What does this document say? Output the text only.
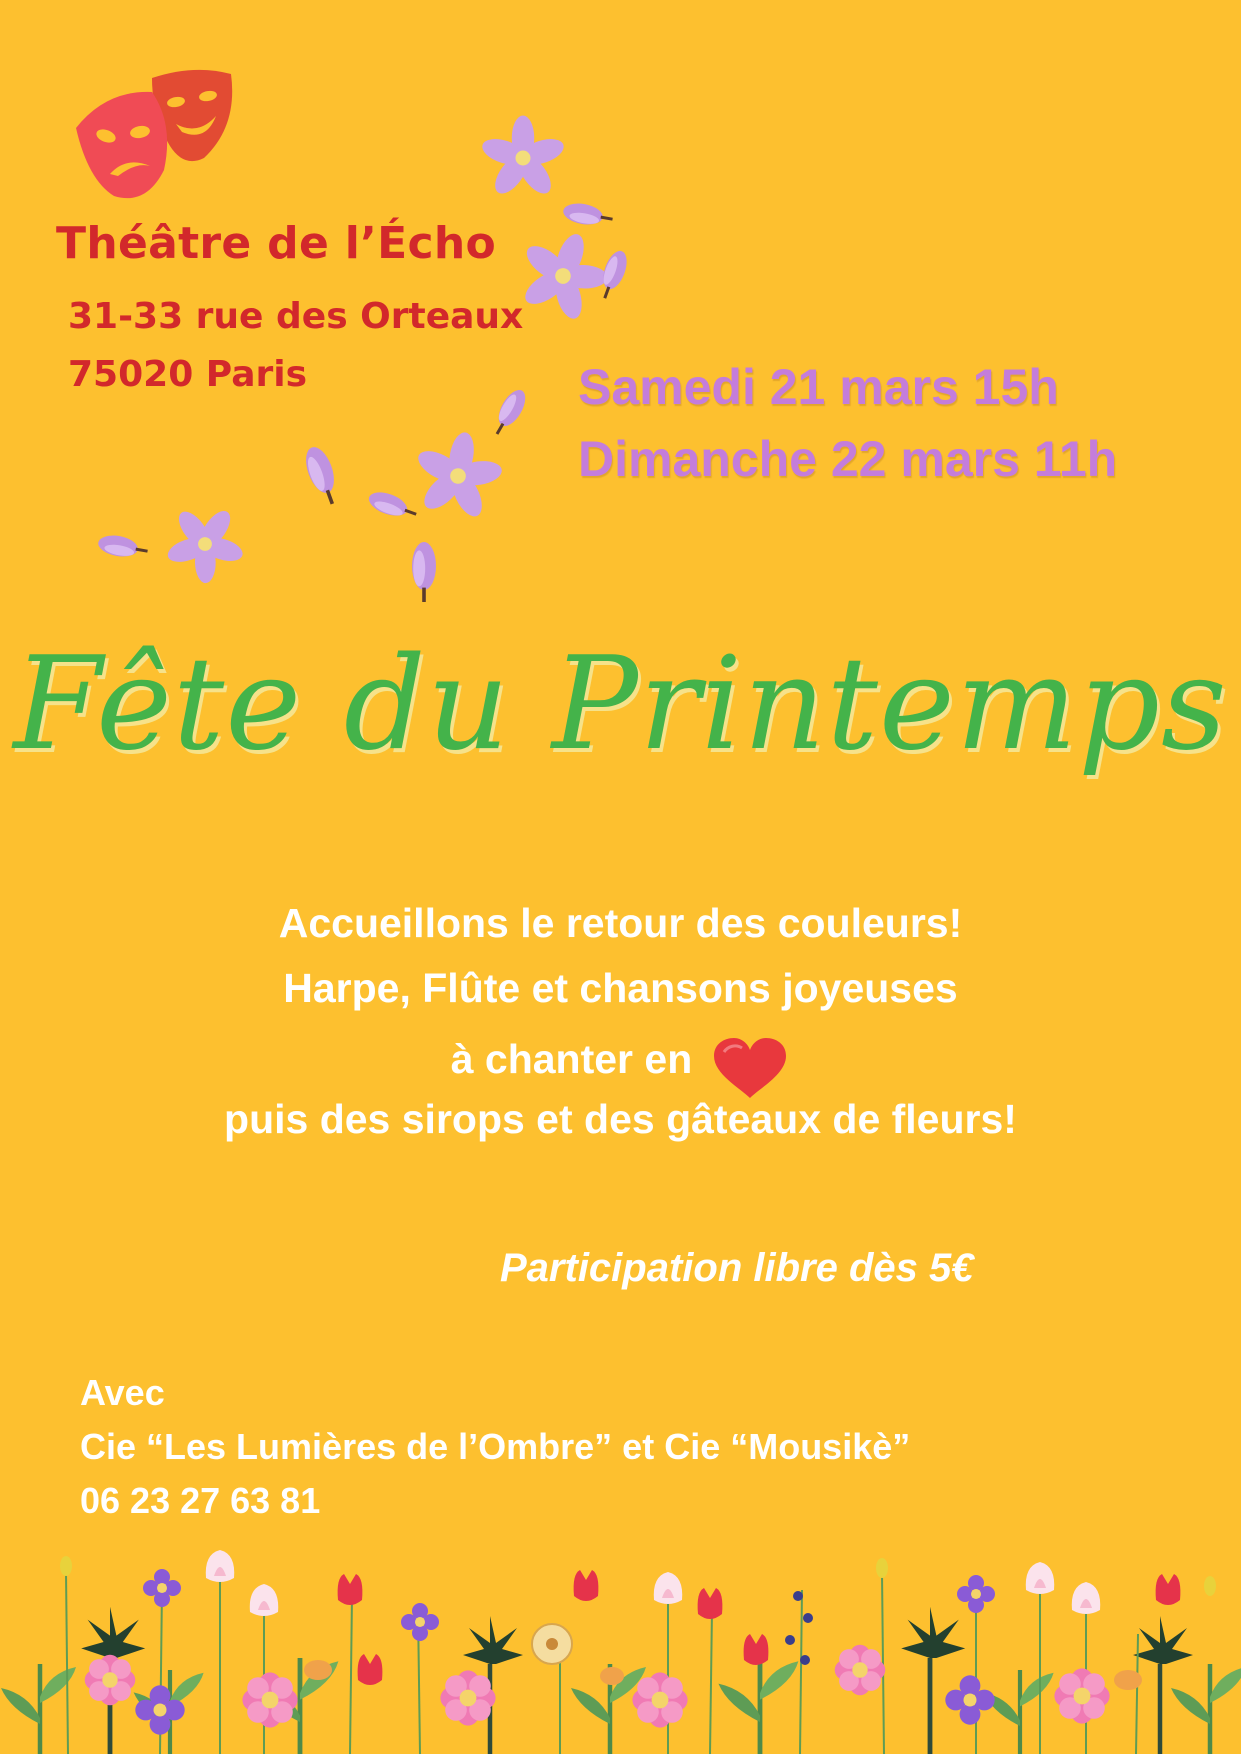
Théâtre de l’Écho
31-33 rue des Orteaux
75020 Paris	Samedi 21 mars 15h
Dimanche 22 mars 11h
Fête du Printemps
Accueillons le retour des couleurs!
Harpe, Flûte et chansons joyeuses
à chanter en
puis des sirops et des gâteaux de fleurs!
Participation libre dès 5€
Avec
Cie “Les Lumières de l’Ombre” et Cie “Mousikè”
06 23 27 63 81
